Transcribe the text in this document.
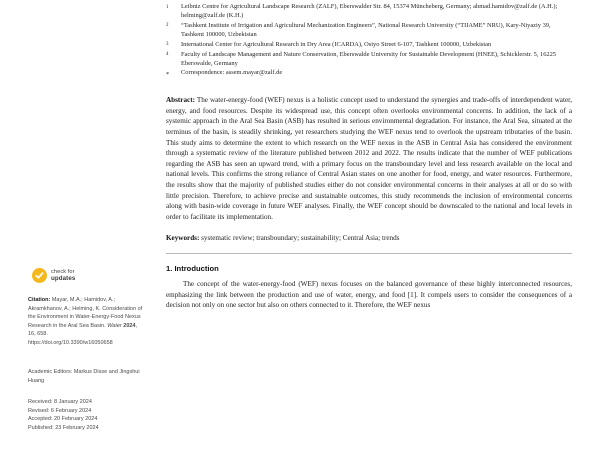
check for
updates
Citation: Mayar, M.A.; Hamidov, A.; Akramkhanov, A.; Helming, K. Consideration of the Environment in Water-Energy-Food Nexus Research in the Aral Sea Basin. Water 2024, 16, 658.
https://doi.org/10.3390/w16050658
Academic Editors: Markus Disse and Jingshui Huang
Received: 8 January 2024
Revised: 6 February 2024
Accepted: 20 February 2024
Published: 23 February 2024
1	Leibniz Centre for Agricultural Landscape Research (ZALF), Eberswalder Str. 84, 15374 Müncheberg, Germany; ahmad.hamidov@zalf.de (A.H.); helming@zalf.de (K.H.)
2	“Tashkent Institute of Irrigation and Agricultural Mechanization Engineers”, National Research University (“TIIAME” NRU), Kary-Niyaziy 39, Tashkent 100000, Uzbekistan
3	International Center for Agricultural Research in Dry Area (ICARDA), Osiyo Street 6-107, Tashkent 100000, Uzbekistan
4	Faculty of Landscape Management and Nature Conservation, Eberswalde University for Sustainable Development (HNEE), Schicklerstr. 5, 16225 Eberswalde, Germany
*	Correspondence: assem.mayar@zalf.de
Abstract: The water-energy-food (WEF) nexus is a holistic concept used to understand the synergies and trade-offs of interdependent water, energy, and food resources. Despite its widespread use, this concept often overlooks environmental concerns. In addition, the lack of a systemic approach in the Aral Sea Basin (ASB) has resulted in serious environmental degradation. For instance, the Aral Sea, situated at the terminus of the basin, is steadily shrinking, yet researchers studying the WEF nexus tend to overlook the upstream tributaries of the basin. This study aims to determine the extent to which research on the WEF nexus in the ASB in Central Asia has considered the environment through a systematic review of the literature published between 2012 and 2022. The results indicate that the number of WEF publications regarding the ASB has seen an upward trend, with a primary focus on the transboundary level and less research available on the local and national levels. This confirms the strong reliance of Central Asian states on one another for food, energy, and water resources. Furthermore, the results show that the majority of published studies either do not consider environmental concerns in their analyses at all or do so with little precision. Therefore, to achieve precise and sustainable outcomes, this study recommends the inclusion of environmental concerns along with basin-wide coverage in future WEF analyses. Finally, the WEF concept should be downscaled to the national and local levels in order to facilitate its implementation.
Keywords: systematic review; transboundary; sustainability; Central Asia; trends
1. Introduction
The concept of the water-energy-food (WEF) nexus focuses on the balanced governance of these highly interconnected resources, emphasizing the link between the production and use of water, energy, and food [1]. It compels users to consider the consequences of a decision not only on one sector but also on others connected to it. Therefore, the WEF nexus
